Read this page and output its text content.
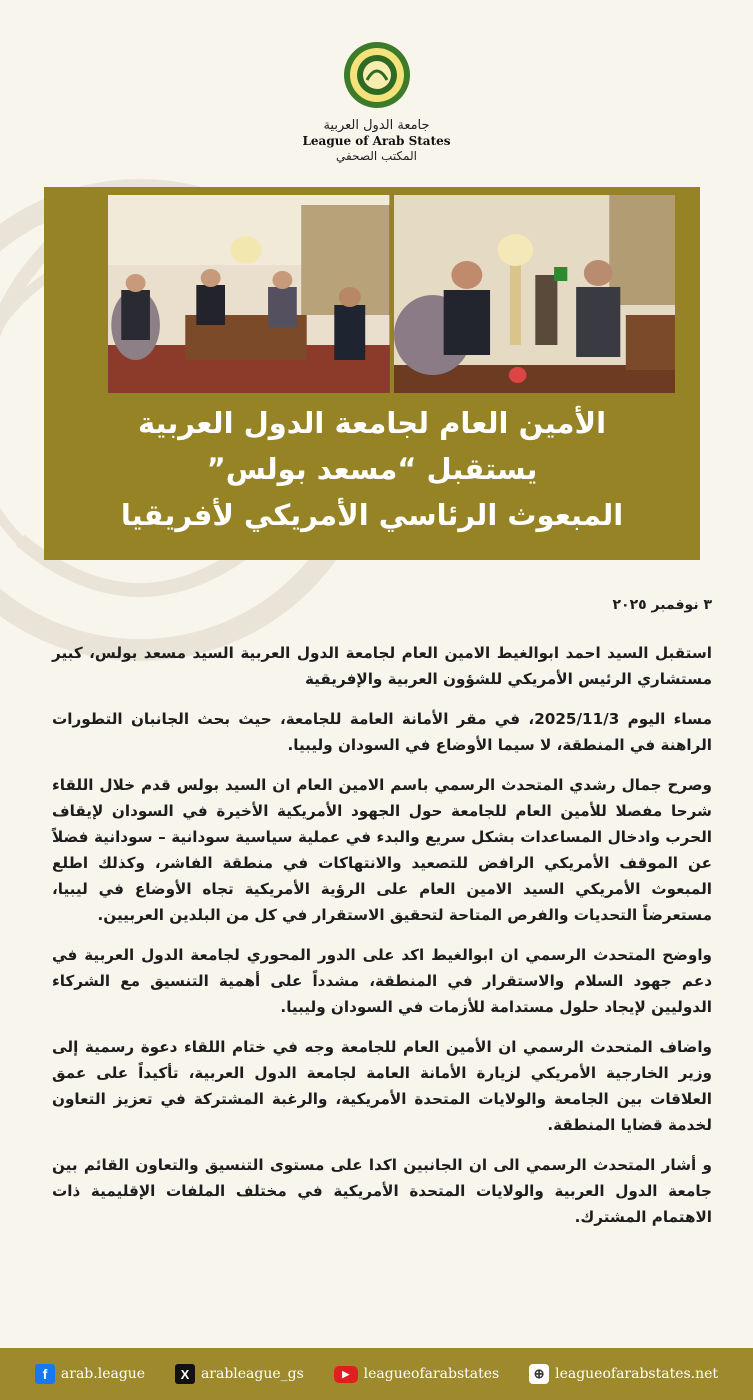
جامعة الدول العربية
League of Arab States
المكتب الصحفي
الأمين العام لجامعة الدول العربية
يستقبل “مسعد بولس”
المبعوث الرئاسي الأمريكي لأفريقيا
٣ نوفمبر ٢٠٢٥

استقبل السيد احمد ابوالغيط الامين العام لجامعة الدول العربية السيد مسعد بولس، كبير مستشاري الرئيس الأمريكي للشؤون العربية والإفريقية

مساء اليوم 2025/11/3، في مقر الأمانة العامة للجامعة، حيث بحث الجانبان التطورات الراهنة في المنطقة، لا سيما الأوضاع في السودان وليبيا.

وصرح جمال رشدي المتحدث الرسمي باسم الامين العام ان السيد بولس قدم خلال اللقاء شرحا مفصلا للأمين العام للجامعة حول الجهود الأمريكية الأخيرة في السودان لإيقاف الحرب وادخال المساعدات بشكل سريع والبدء في عملية سياسية سودانية – سودانية فضلاً عن الموقف الأمريكي الرافض للتصعيد والانتهاكات في منطقة الفاشر، وكذلك اطلع المبعوث الأمريكي السيد الامين العام على الرؤية الأمريكية تجاه الأوضاع في ليبيا، مستعرضاً التحديات والفرص المتاحة لتحقيق الاستقرار في كل من البلدين العربيين.

واوضح المتحدث الرسمي ان ابوالغيط اكد على الدور المحوري لجامعة الدول العربية في دعم جهود السلام والاستقرار في المنطقة، مشدداً على أهمية التنسيق مع الشركاء الدوليين لإيجاد حلول مستدامة للأزمات في السودان وليبيا.

واضاف المتحدث الرسمي ان الأمين العام للجامعة وجه في ختام اللقاء دعوة رسمية إلى وزير الخارجية الأمريكي لزيارة الأمانة العامة لجامعة الدول العربية، تأكيداً على عمق العلاقات بين الجامعة والولايات المتحدة الأمريكية، والرغبة المشتركة في تعزيز التعاون لخدمة قضايا المنطقة.

و أشار المتحدث الرسمي الى ان الجانبين اكدا على مستوى التنسيق والتعاون القائم بين جامعة الدول العربية والولايات المتحدة الأمريكية في مختلف الملفات الإقليمية ذات الاهتمام المشترك.

f arab.league	X arableague_gs	▶	leagueofarabstates	⊕ leagueofarabstates.net
